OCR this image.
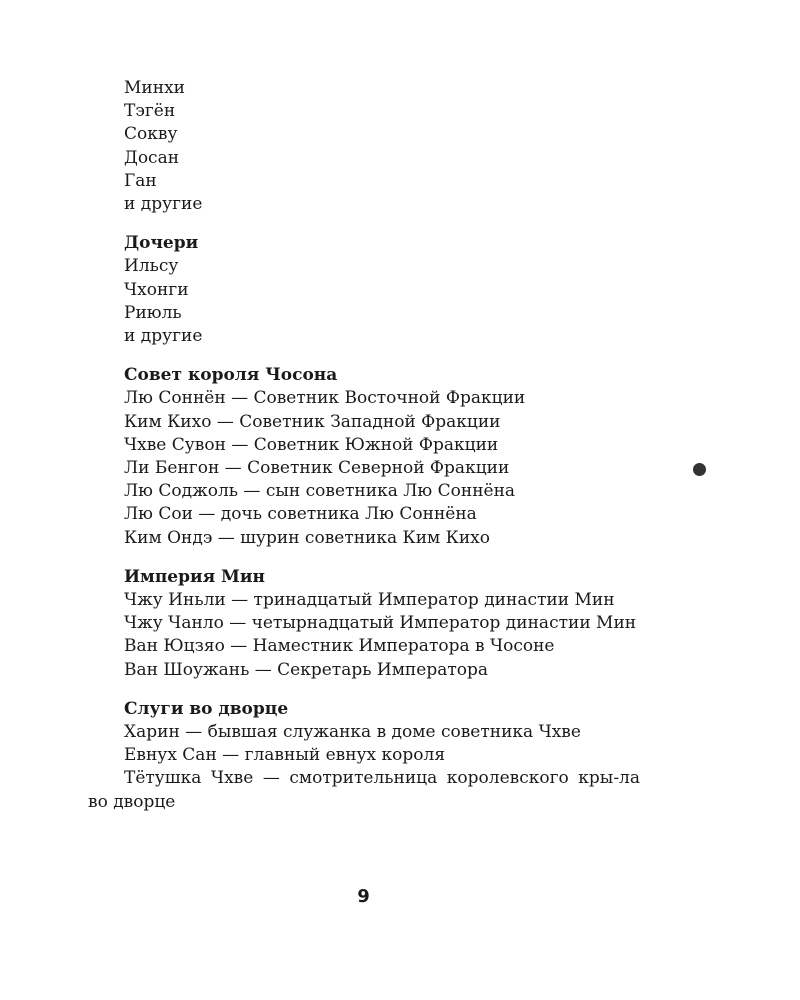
Минхи
Тэгён
Сокву
Досан
Ган
и другие
Дочери
Ильсу
Чхонги
Риюль
и другие
Совет короля Чосона
Лю Соннён — Советник Восточной Фракции
Ким Кихо — Советник Западной Фракции
Чхве Сувон — Советник Южной Фракции
Ли Бенгон — Советник Северной Фракции
Лю Соджоль — сын советника Лю Соннёна
Лю Сои — дочь советника Лю Соннёна
Ким Ондэ — шурин советника Ким Кихо
Империя Мин
Чжу Иньли — тринадцатый Император династии Мин
Чжу Чанло — четырнадцатый Император династии Мин
Ван Юцзяо — Наместник Императора в Чосоне
Ван Шоужань — Секретарь Императора
Слуги во дворце
Харин — бывшая служанка в доме советника Чхве
Евнух Сан — главный евнух короля
Тётушка Чхве — смотрительница королевского кры-ла во дворце
9
